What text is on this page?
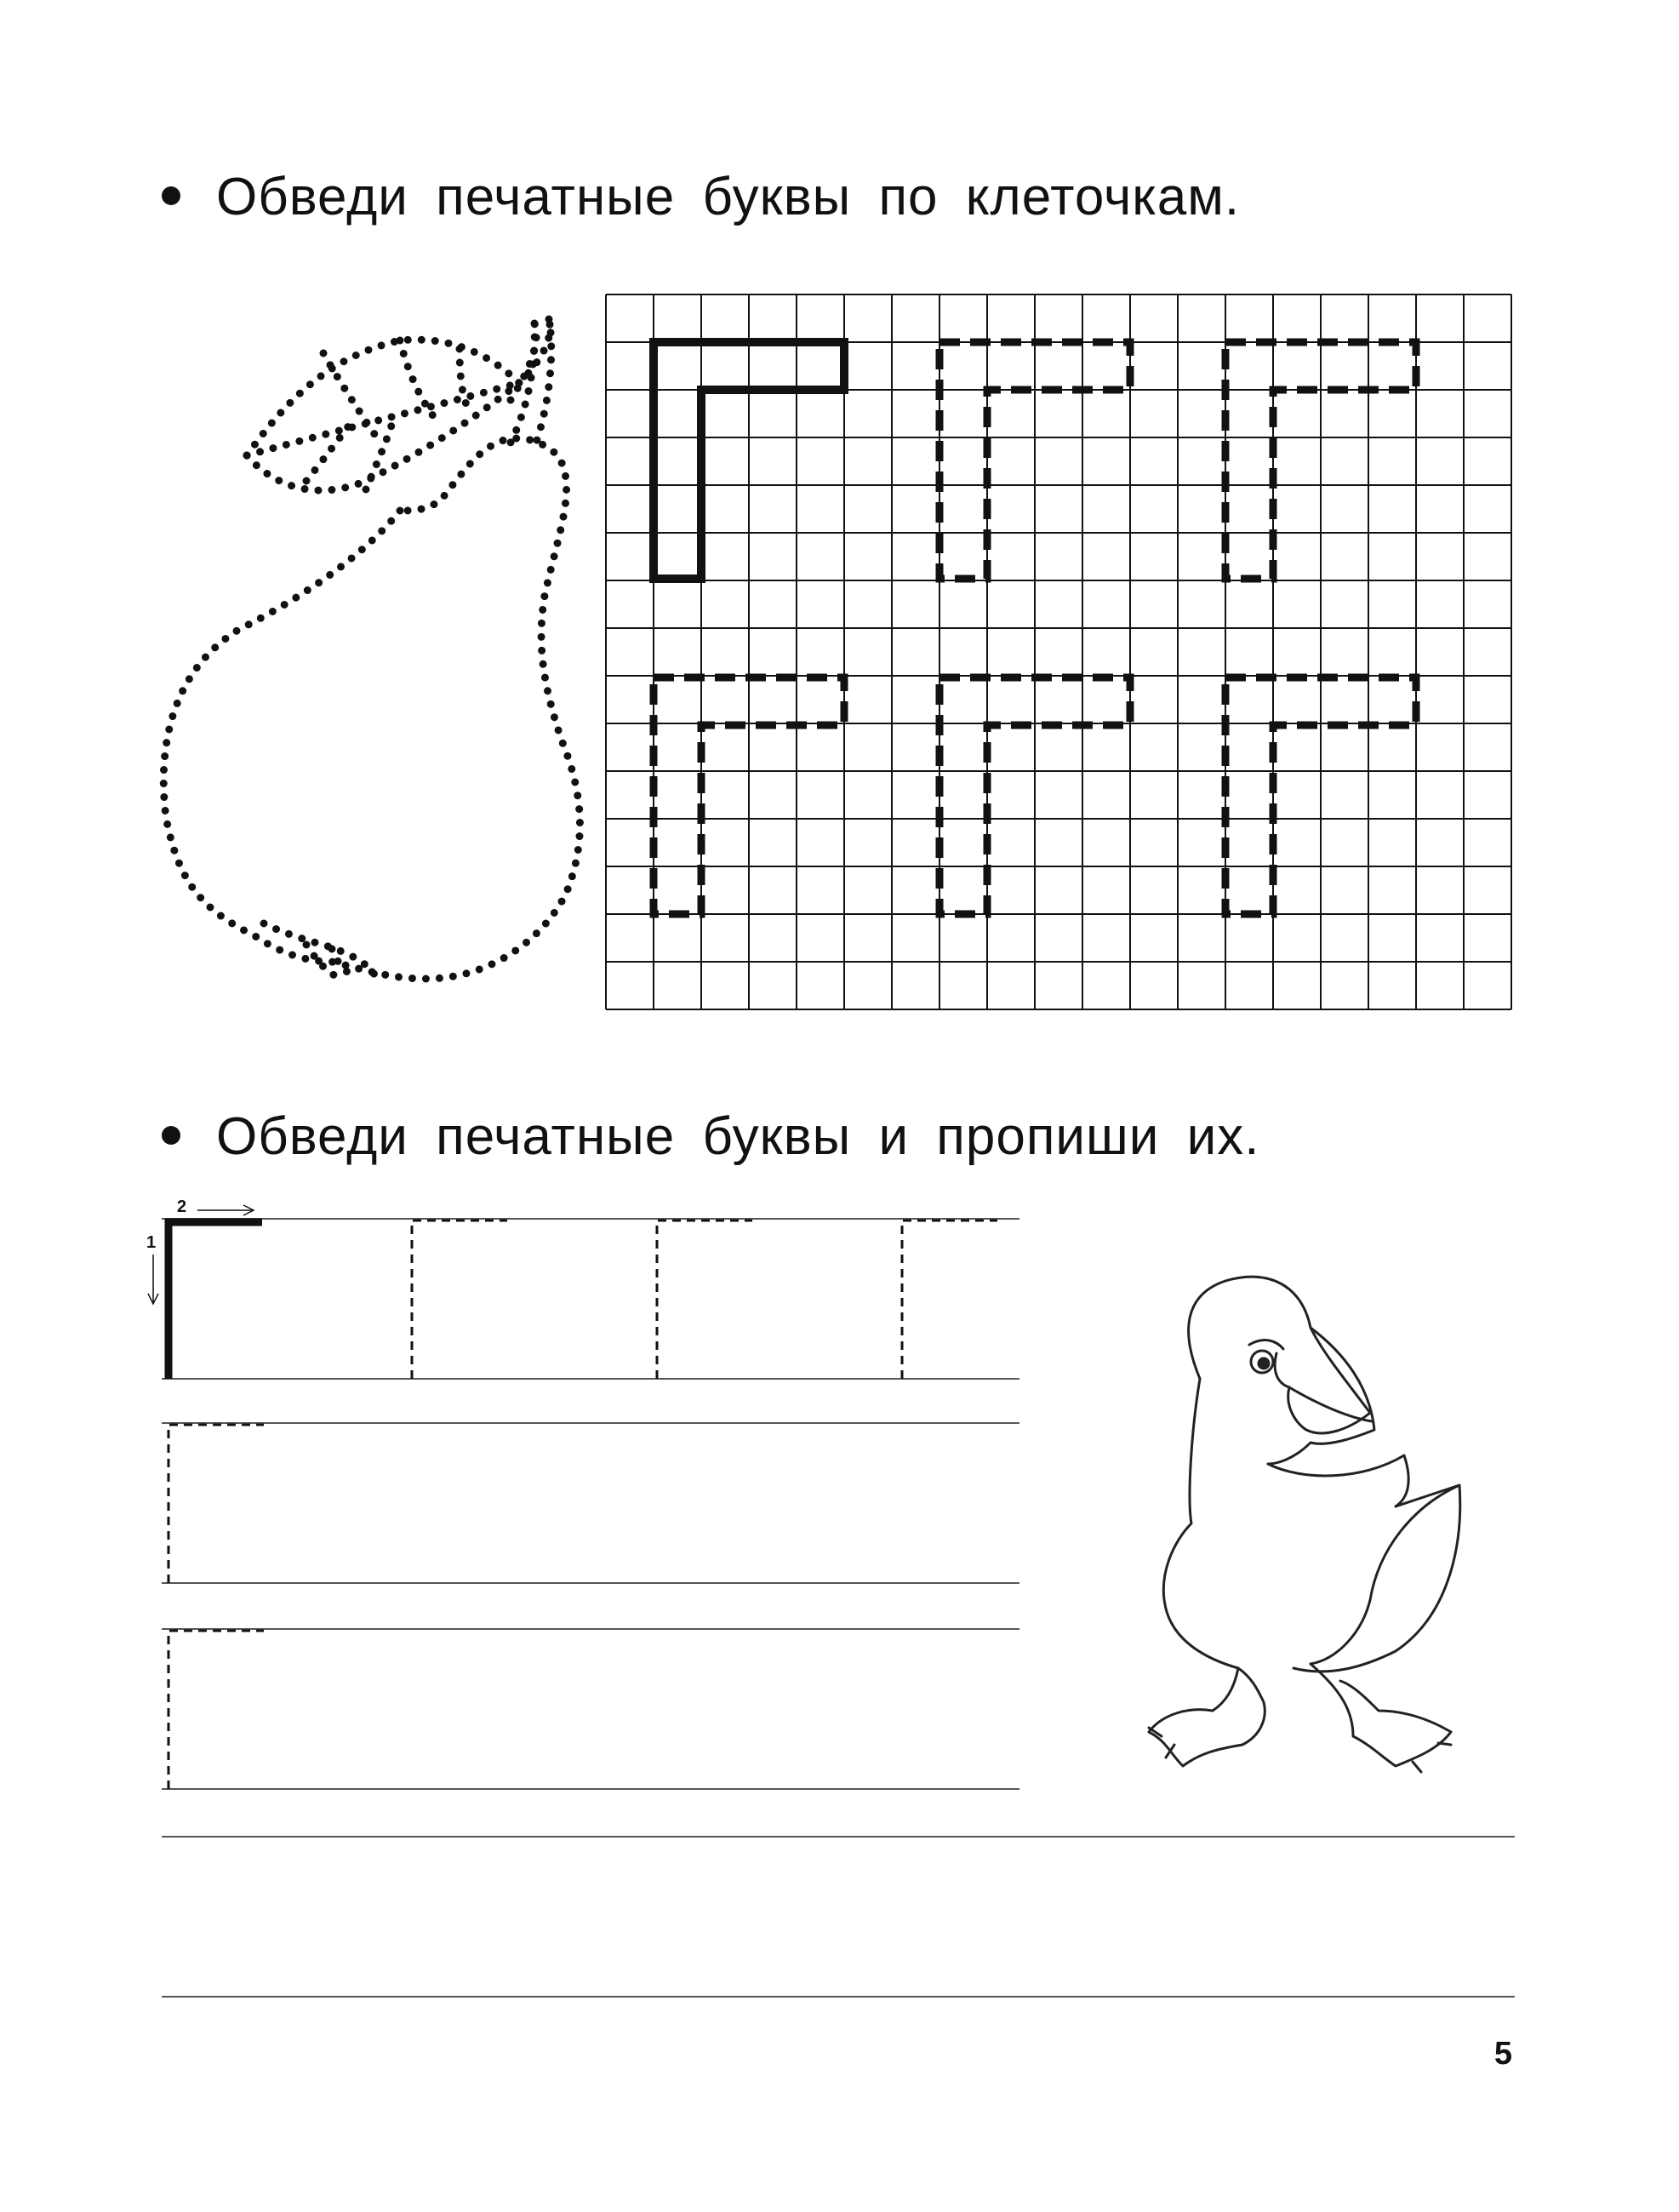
Обведи печатные буквы по клеточкам.
Обведи печатные буквы и пропиши их.
1
2
5
